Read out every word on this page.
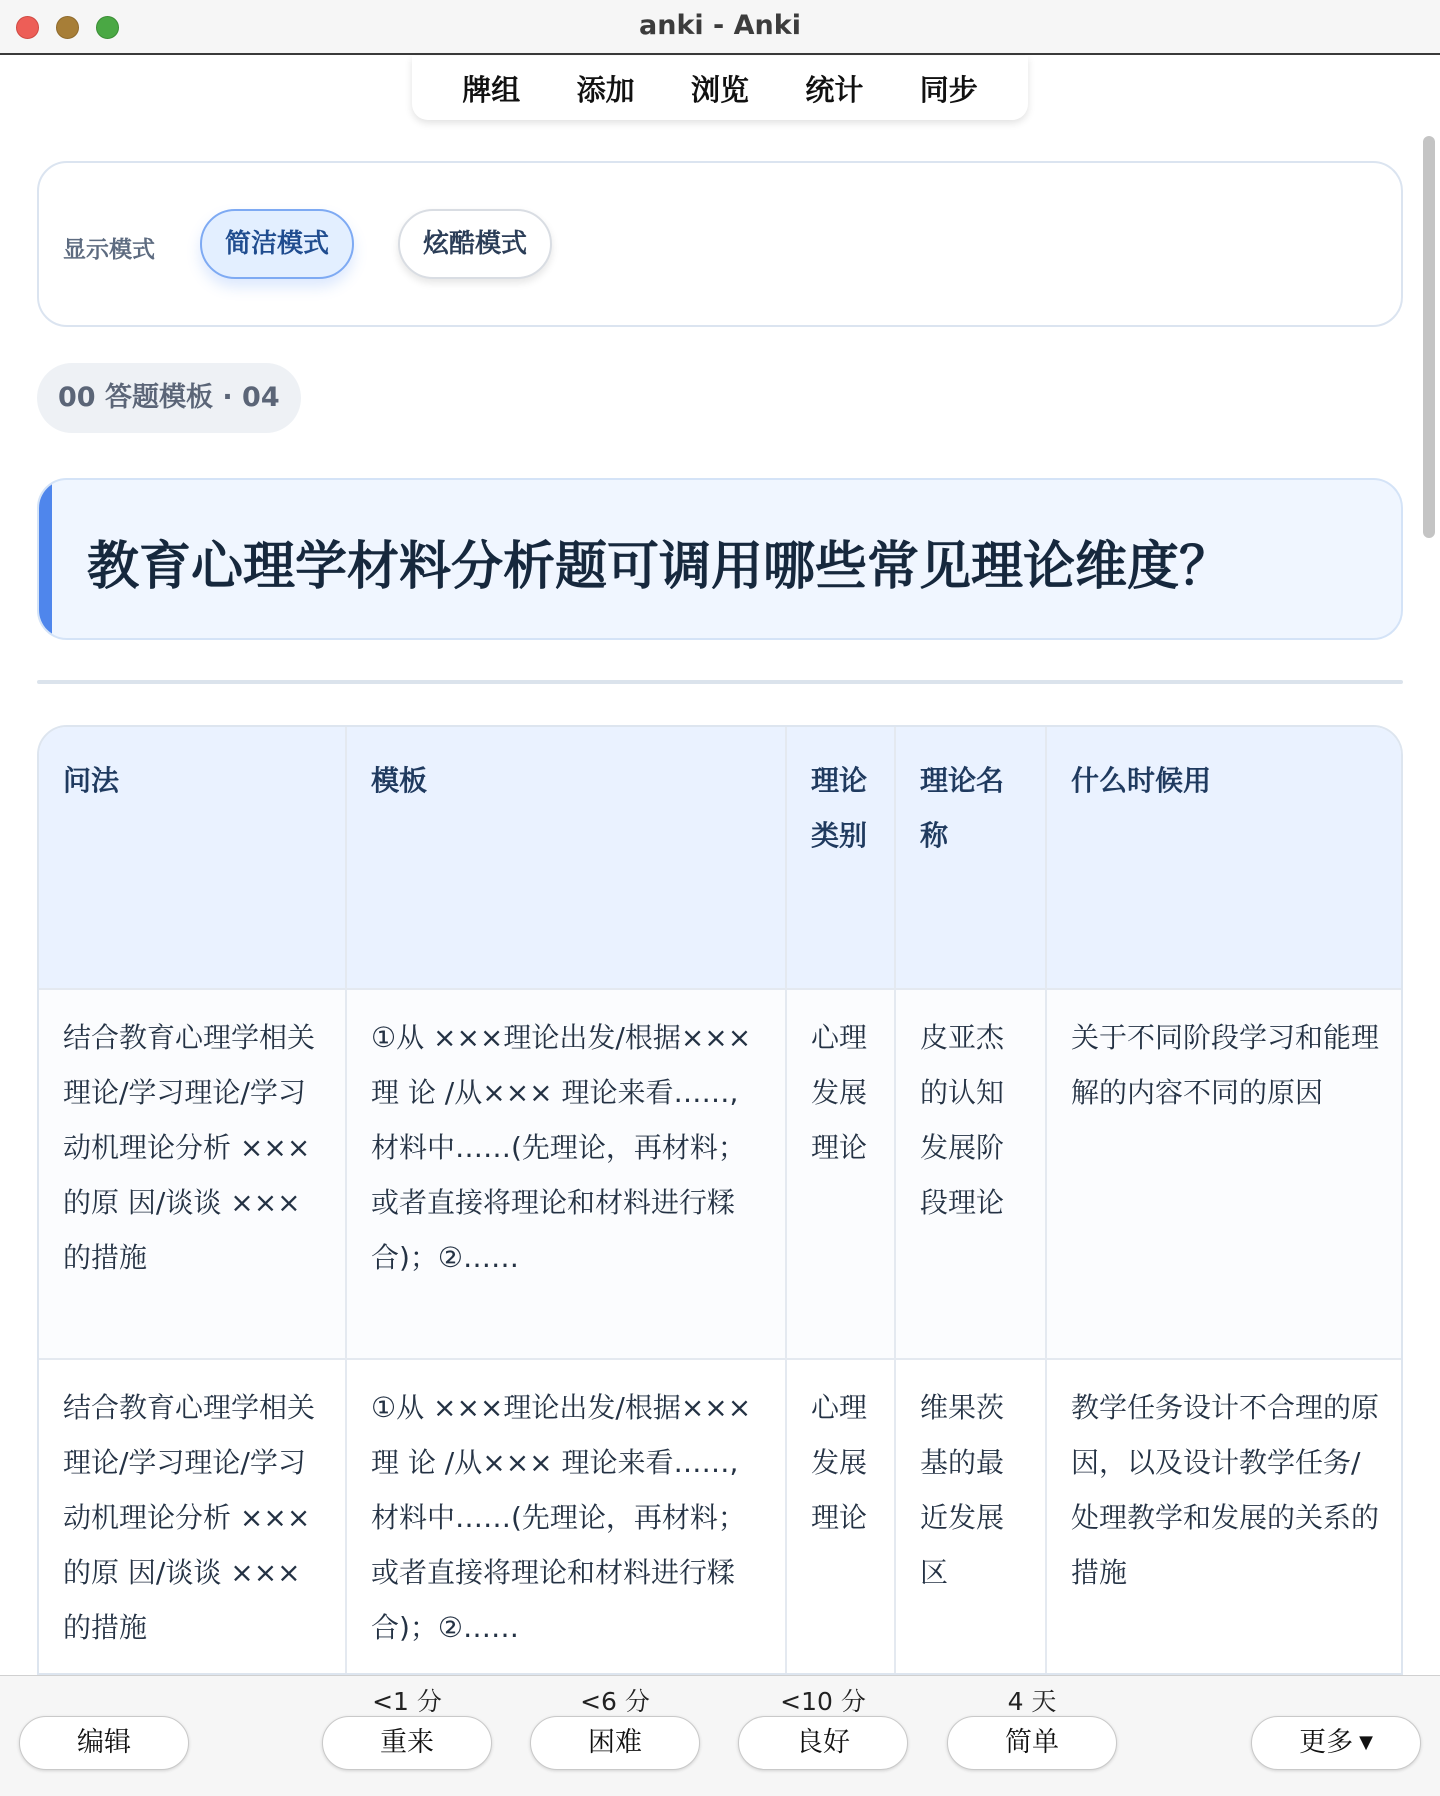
anki - Anki
牌组 添加 浏览 统计 同步
显示模式	简洁模式	炫酷模式
00 答题模板 · 04
教育心理学材料分析题可调用哪些常见理论维度？
问法	模板	理论类别	理论名称	什么时候用
结合教育心理学相关理论/学习理论/学习动机理论分析 ×××的原 因/谈谈 ××× 的措施	①从 ×××理论出发/根据××× 理 论 /从××× 理论来看……,材料中……(先理论，再材料；或者直接将理论和材料进行糅合)；②……	心理发展理论	皮亚杰的认知发展阶段理论	关于不同阶段学习和能理解的内容不同的原因
结合教育心理学相关理论/学习理论/学习动机理论分析 ×××的原 因/谈谈 ××× 的措施	①从 ×××理论出发/根据××× 理 论 /从××× 理论来看……,材料中……(先理论，再材料；或者直接将理论和材料进行糅合)；②……	心理发展理论	维果茨基的最近发展区	教学任务设计不合理的原因，以及设计教学任务/处理教学和发展的关系的措施
编辑
<1 分
重来
<6 分
困难
<10 分
良好
4 天
简单	更多 ▼
